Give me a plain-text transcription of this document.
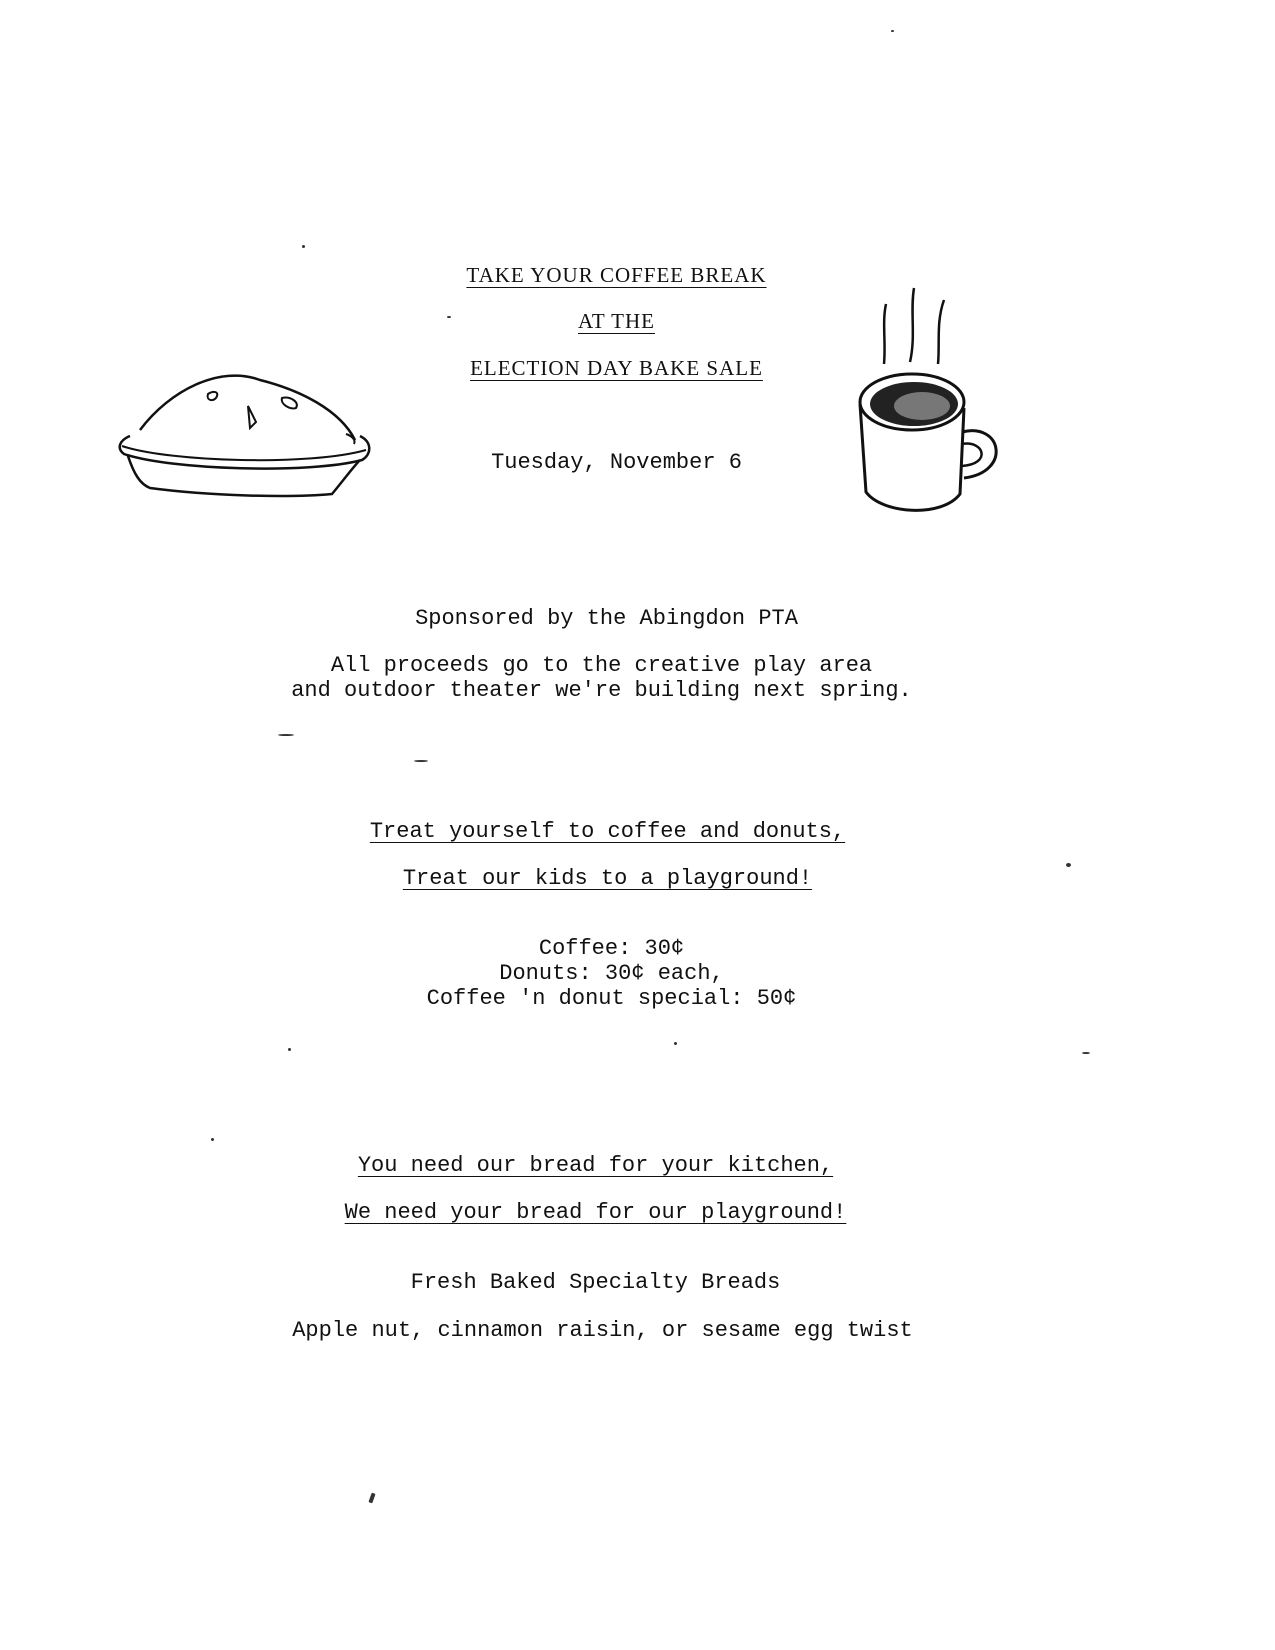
TAKE YOUR COFFEE BREAK
AT THE
ELECTION DAY BAKE SALE
Tuesday, November 6
Sponsored by the Abingdon PTA
All proceeds go to the creative play area
and outdoor theater we're building next spring.
Treat yourself to coffee and donuts,
Treat our kids to a playground!
Coffee: 30¢
Donuts: 30¢ each,
Coffee 'n donut special: 50¢
You need our bread for your kitchen,
We need your bread for our playground!
Fresh Baked Specialty Breads
Apple nut, cinnamon raisin, or sesame egg twist
